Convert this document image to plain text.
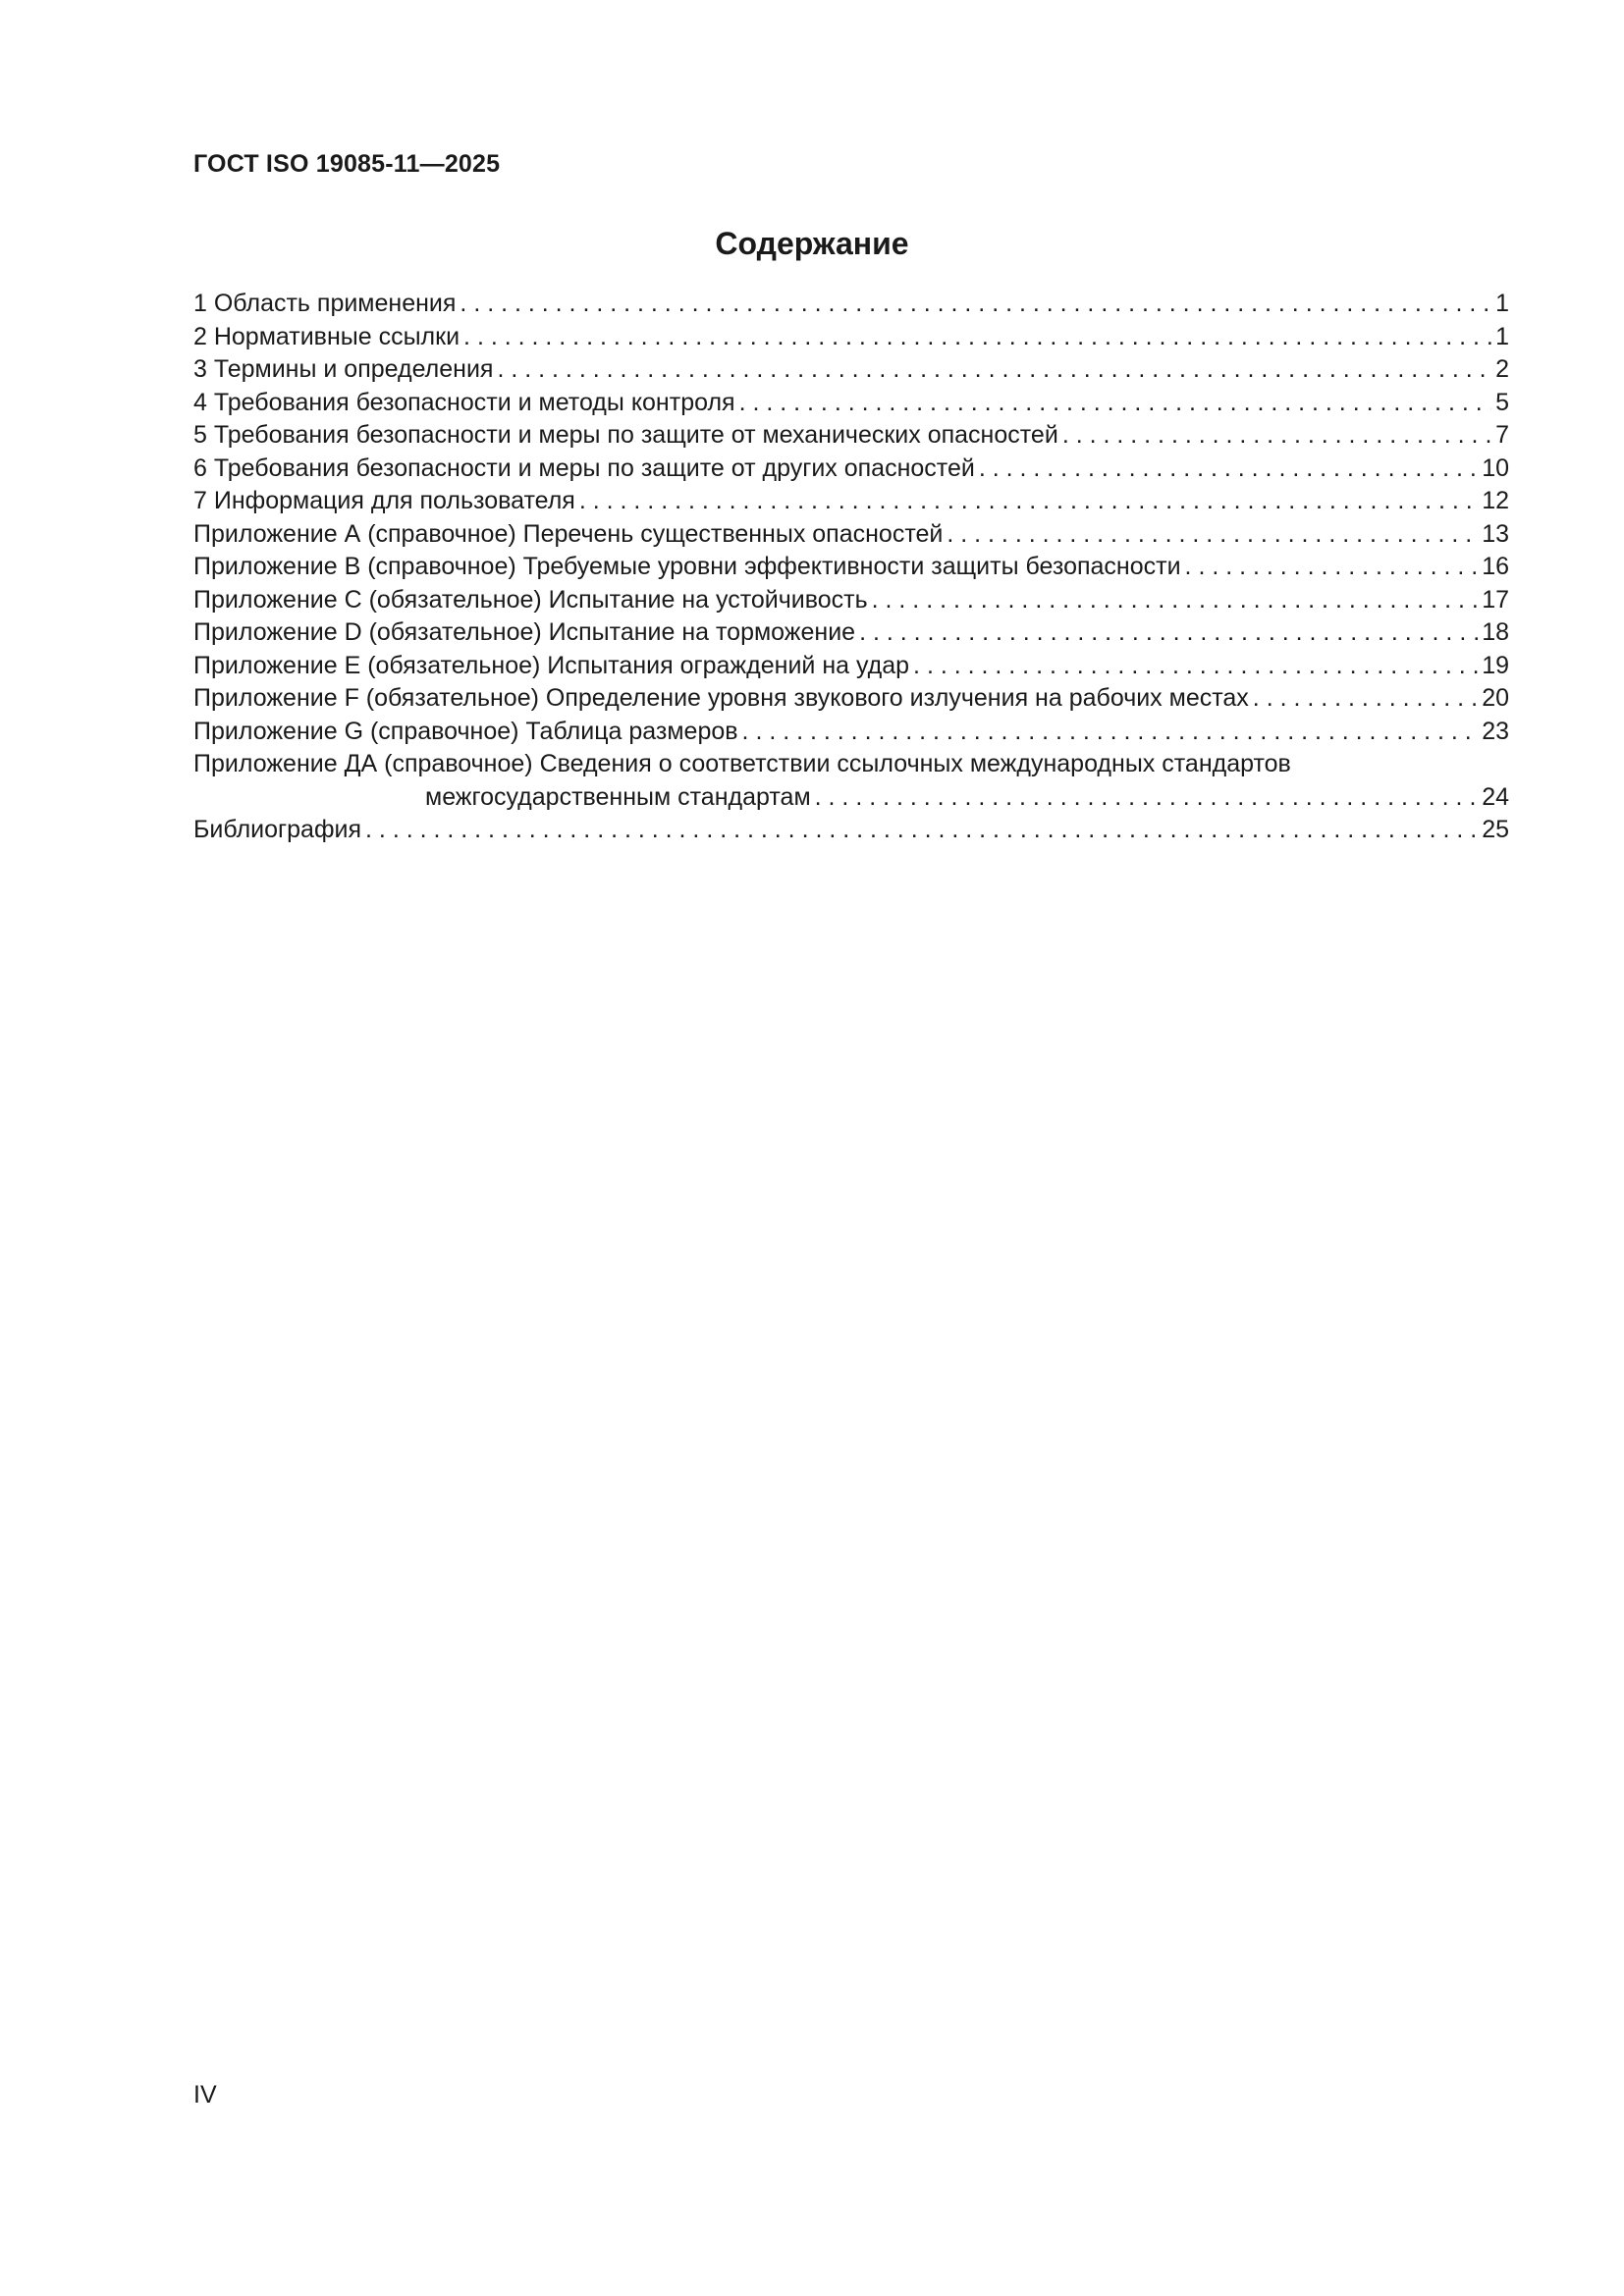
ГОСТ ISO 19085-11—2025
Содержание
1 Область применения . . .	1
2 Нормативные ссылки . . .	1
3 Термины и определения . . .	2
4 Требования безопасности и методы контроля . . .	5
5 Требования безопасности и меры по защите от механических опасностей . . .	7
6 Требования безопасности и меры по защите от других опасностей . . .	10
7 Информация для пользователя . . .	12
Приложение А (справочное) Перечень существенных опасностей . . .	13
Приложение В (справочное) Требуемые уровни эффективности защиты безопасности . . .	16
Приложение С (обязательное) Испытание на устойчивость . . .	17
Приложение D (обязательное) Испытание на торможение . . .	18
Приложение Е (обязательное) Испытания ограждений на удар . . .	19
Приложение F (обязательное) Определение уровня звукового излучения на рабочих местах . . .	20
Приложение G (справочное) Таблица размеров . . .	23
Приложение ДА (справочное) Сведения о соответствии ссылочных международных стандартов
межгосударственным стандартам . . .	24
Библиография . . .	25
IV
